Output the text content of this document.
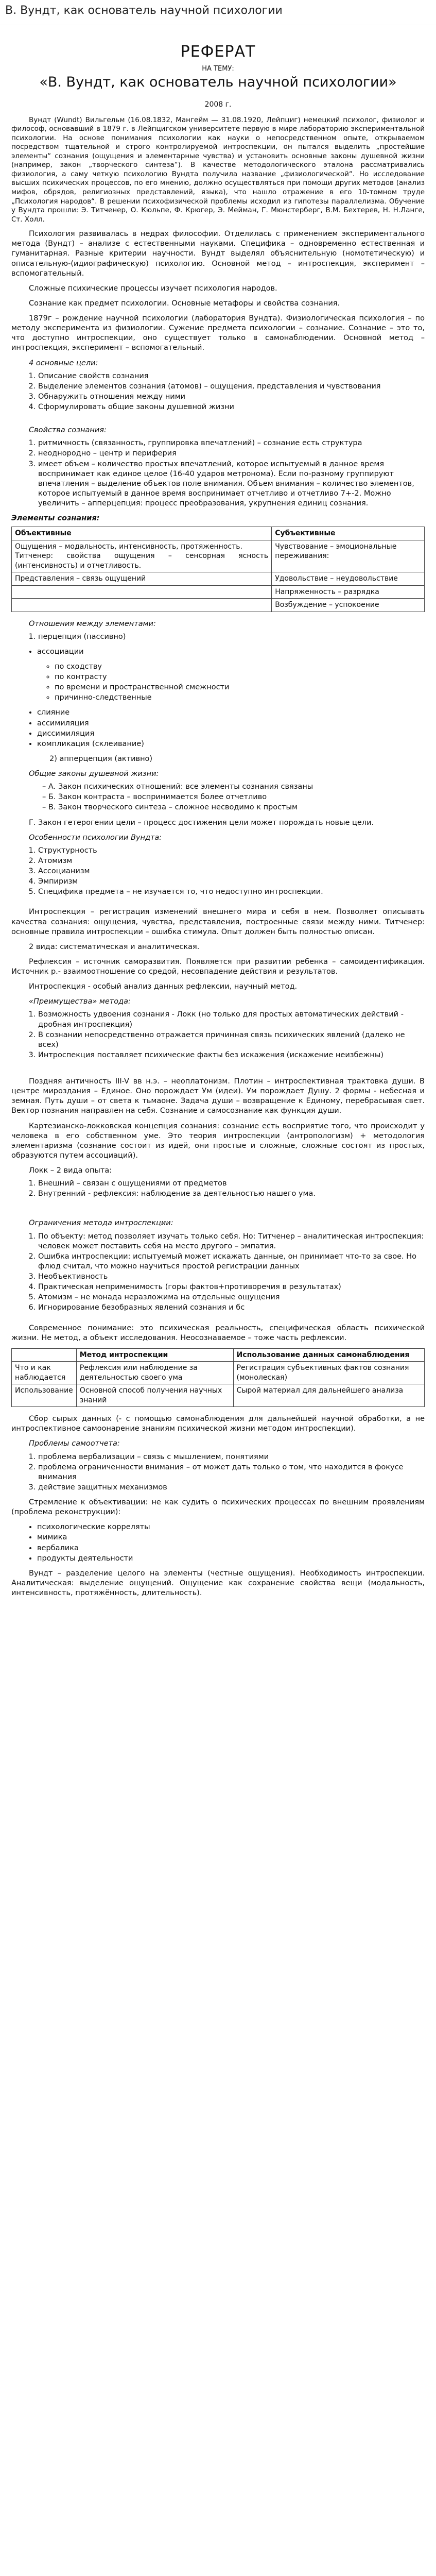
В. Вундт, как основатель научной психологии
РЕФЕРАТ
НА ТЕМУ:
«В. Вундт, как основатель научной психологии»
2008 г.

Вундт (Wundt) Вильгельм (16.08.1832, Мангейм — 31.08.1920, Лейпциг) немецкий психолог, физиолог и философ, основавший в 1879 г. в Лейпцигском университете первую в мире лабораторию экспериментальной психологии. На основе понимания психологии как науки о непосредственном опыте, открываемом посредством тщательной и строго контролируемой интроспекции, он пытался выделить „простейшие элементы“ сознания (ощущения и элементарные чувства) и установить основные законы душевной жизни (например, закон „творческого синтеза“). В качестве методологического эталона рассматривались физиология, а саму четкую психологию Вундта получила название „физиологической“. Но исследование высших психических процессов, по его мнению, должно осуществляться при помощи других методов (анализ мифов, обрядов, религиозных представлений, языка), что нашло отражение в его 10-томном труде „Психология народов“. В решении психофизической проблемы исходил из гипотезы параллелизма. Обучение у Вундта прошли: Э. Титченер, О. Кюльпе, Ф. Крюгер, Э. Мейман, Г. Мюнстерберг, В.М. Бехтерев, Н. Н.Ланге, Ст. Холл.

Психология развивалась в недрах философии. Отделилась с применением экспериментального метода (Вундт) – анализе с естественными науками. Специфика – одновременно естественная и гуманитарная. Разные критерии научности. Вундт выделял объяснительную (номотетическую) и описательную-(идиографическую) психологию. Основной метод – интроспекция, эксперимент – вспомогательный.

Сложные психические процессы изучает психология народов.

Сознание как предмет психологии. Основные метафоры и свойства сознания.

1879г – рождение научной психологии (лаборатория Вундта). Физиологическая психология – по методу эксперимента из физиологии. Сужение предмета психологии – сознание. Сознание – это то, что доступно интроспекции, оно существует только в самонаблюдении. Основной метод – интроспекция, эксперимент – вспомогательный.

4 основные цели:
1. Описание свойств сознания
2. Выделение элементов сознания (атомов) – ощущения, представления и чувствования
3. Обнаружить отношения между ними
4. Сформулировать общие законы душевной жизни
Свойства сознания:
1. ритмичность (связанность, группировка впечатлений) – сознание есть структура
2. неоднородно – центр и периферия
3. имеет объем – количество простых впечатлений, которое испытуемый в данное время воспринимает как единое целое (16-40 ударов метронома). Если по-разному группируют впечатления – выделение объектов поле внимания. Объем внимания – количество элементов, которое испытуемый в данное время воспринимает отчетливо и отчетливо 7+-2. Можно увеличить – апперцепция: процесс преобразования, укрупнения единиц сознания.
Элементы сознания:
Объективные	Субъективные
Ощущения – модальность, интенсивность, протяженность.
Титченер: свойства ощущения – сенсорная ясность (интенсивность) и отчетливость.	Чувствование – эмоциональные переживания:
Представления – связь ощущений	Удовольствие – неудовольствие
	Напряженность – разрядка
	Возбуждение – успокоение
Отношения между элементами:
1. перцепция (пассивно)
• ассоциации
◦ по сходству
◦ по контрасту
◦ по времени и пространственной смежности
◦ причинно-следственные
• слияние
• ассимиляция
• диссимиляция
• компликация (склеивание)

2) апперцепция (активно)

Общие законы душевной жизни:
– А. Закон психических отношений: все элементы сознания связаны
– Б. Закон контраста – воспринимается более отчетливо
– В. Закон творческого синтеза – сложное несводимо к простым

Г. Закон гетерогении цели – процесс достижения цели может порождать новые цели.

Особенности психологии Вундта:
1. Структурность
2. Атомизм
3. Ассоцианизм
4. Эмпиризм
5. Специфика предмета – не изучается то, что недоступно интроспекции.

Интроспекция – регистрация изменений внешнего мира и себя в нем. Позволяет описывать качества сознания: ощущения, чувства, представления, построенные связи между ними. Титченер: основные правила интроспекции – ошибка стимула. Опыт должен быть полностью описан.

2 вида: систематическая и аналитическая.

Рефлексия – источник саморазвития. Появляется при развитии ребенка – самоидентификация. Источник р.- взаимоотношение со средой, несовпадение действия и результатов.

Интроспекция - особый анализ данных рефлексии, научный метод.

«Преимущества» метода:
1. Возможность удвоения сознания - Локк (но только для простых автоматических действий - дробная интроспекция)
2. В сознании непосредственно отражается причинная связь психических явлений (далеко не всех)
3. Интроспекция поставляет психические факты без искажения (искажение неизбежны)

Поздняя античность III-V вв н.э. – неоплатонизм. Плотин – интроспективная трактовка души. В центре мироздания – Единое. Оно порождает Ум (идеи). Ум порождает Душу. 2 формы - небесная и земная. Путь души – от света к тьмаоне. Задача души – возвращение к Единому, перебрасывая свет. Вектор познания направлен на себя. Сознание и самосознание как функция души.

Картезианско-локковская концепция сознания: сознание есть восприятие того, что происходит у человека в его собственном уме. Это теория интроспекции (антропологизм) + методология элементаризма (сознание состоит из идей, они простые и сложные, сложные состоят из простых, образуются путем ассоциаций).

Локк – 2 вида опыта:
1. Внешний – связан с ощущениями от предметов
2. Внутренний - рефлексия: наблюдение за деятельностью нашего ума.
Ограничения метода интроспекции:
1. По объекту: метод позволяет изучать только себя. Но: Титченер – аналитическая интроспекция: человек может поставить себя на место другого – эмпатия.
2. Ошибка интроспекции: испытуемый может искажать данные, он принимает что-то за свое. Но флюд считал, что можно научиться простой регистрации данных
3. Необъективность
4. Практическая неприменимость (горы фактов+противоречия в результатах)
5. Атомизм – не монада неразложима на отдельные ощущения
6. Игнорирование безобразных явлений сознания и бс

Современное понимание: это психическая реальность, специфическая область психической жизни. Не метод, а объект исследования. Неосознаваемое – тоже часть рефлексии.

	Метод интроспекции	Использование данных самонаблюдения
Что и как наблюдается	Рефлексия или наблюдение за деятельностью своего ума	Регистрация субъективных фактов сознания (монолеская)
Использование	Основной способ получения научных знаний	Сырой материал для дальнейшего анализа

Сбор сырых данных (- с помощью самонаблюдения для дальнейшей научной обработки, а не интроспективное самоонарение знаниям психической жизни методом интроспекции).

Проблемы самоотчета:
1. проблема вербализации – связь с мышлением, понятиями
2. проблема ограниченности внимания – от может дать только о том, что находится в фокусе внимания
3. действие защитных механизмов

Стремление к объективации: не как судить о психических процессах по внешним проявлениям (проблема реконструкции):

• психологические корреляты
• мимика
• вербалика
• продукты деятельности

Вундт – разделение целого на элементы (честные ощущения). Необходимость интроспекции. Аналитическая: выделение ощущений. Ощущение как сохранение свойства вещи (модальность, интенсивность, протяжённость, длительность).
